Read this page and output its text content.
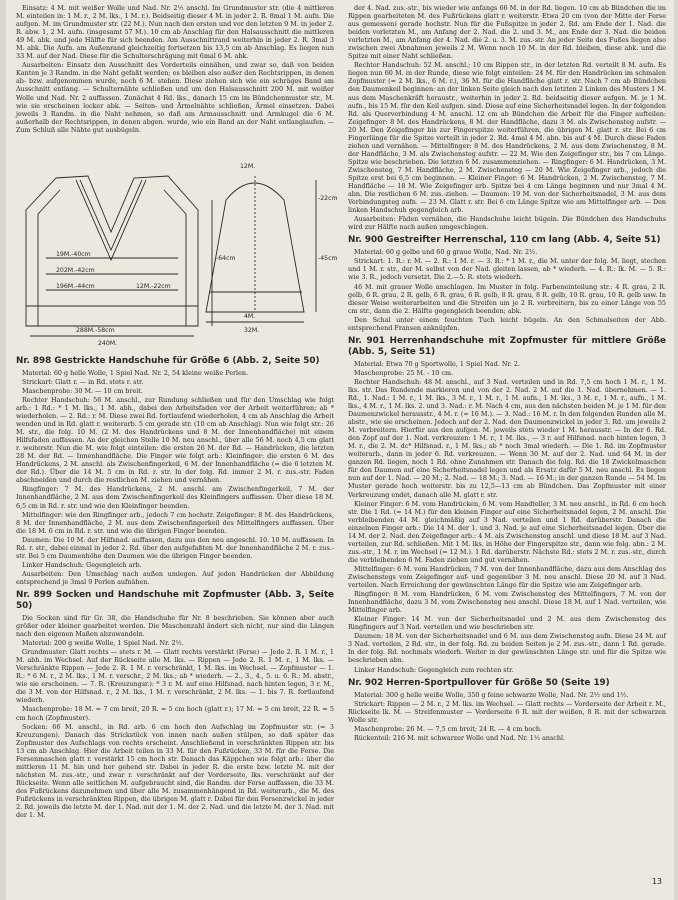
Einsatz: 4 M. mit weißer Wolle und Nad. Nr. 2½ anschl. Im Grundmuster str. (die 4 mittleren M. einteilen in: 1 M. r., 2 M. lks., 1 M. r.). Beidseitig dieser 4 M. in jeder 2. R. 8mal 1 M. aufn. Die aufgen. M. im Grundmuster str. (22 M.). Nun nach den ersten und vor den letzten 9 M. in jeder 2. R. abw. 1, 2 M. aufn. (insgesamt 57 M.). 10 cm ab Anschlag für den Halsausschnitt die mittleren 49 M. abk. und jede Hälfte für sich beenden. Am Ausschnittrand weiterhin in jeder 2. R. 3mal 3 M. abk. Die Aufn. am Außenrand gleichzeitig fortsetzen bis 13,5 cm ab Anschlag. Es liegen nun 33 M. auf der Nad. Diese für die Schulterschrägung mit 6mal 6 M. abk.

Ausarbeiten: Einsatz den Ausschnitt des Vorderteils einnähen, und zwar so, daß von beiden Kanten je 3 Randm. in die Naht gefaßt werden; es bleiben also außer den Rechtsrippen, in denen ab- bzw. aufgenommen wurde, noch 6 M. stehen. Diese ziehen sich wie ein schräges Band am Ausschnitt entlang. — Schulternähte schließen und um den Halsausschnitt 200 M. mit weißer Wolle und Nad. Nr. 2 auffassen. Zunächst 4 Rd. lks., danach 15 cm im Bündchenmuster str., M. wie sie erscheinen locker abk. — Seiten- und Ärmelnähte schließen, Ärmel einsetzen. Dabei jeweils 3 Randm. in die Naht nehmen, so daß am Armausschnitt und Armkugel die 6 M. außerhalb der Rechtsrippen, in denen abgen. wurde, wie ein Band an der Naht entlanglaufen. — Zum Schluß alle Nähte gut ausbügeln.

19M.-40cm
202M.-42cm
196M.-44cm	12M.-22cm
288M.-58cm
240M.
12M.
4M.
32M.
-22cm
-45cm
-64cm

Nr. 898 Gestrickte Handschuhe für Größe 6 (Abb. 2, Seite 50)

Material: 60 g helle Wolle, 1 Spiel Nad. Nr. 2, 54 kleine weiße Perlen.

Strickart: Glatt r. — in Rd. stets r. str.

Maschenprobe: 30 M. — 10 cm breit.

Rechter Handschuh: 56 M. anschl., zur Rundung schließen und für den Umschlag wie folgt arb.: 1 Rd.: * 1 M. lks., 1 M. abh., dabei den Arbeitsfaden vor der Arbeit weiterführen; ab * wiederholen. — 2. Rd.: r. M. Diese zwei Rd. fortlaufend wiederholen, 4 cm ab Anschlag die Arbeit wenden und in Rd. glatt r. weiterarb. 5 cm gerade str. (10 cm ab Anschlag). Nun wie folgt str.: 26 M. str., die folg. 10 M. (2 M. des Handrückens und 8 M. der Innenhandfläche) mit einem Hilfsfaden auffassen. An der gleichen Stelle 10 M. neu anschl., über alle 56 M. noch 4,5 cm glatt r. weiterstr. Nun die M. wie folgt einteilen: die ersten 26 M. der Rd. — Handrücken, die letzten 28 M. der Rd. — Innenhandfläche. Die Finger wie folgt arb.: Kleinfinger: die ersten 6 M. des Handrückens, 2 M. anschl. als Zwischenfingerkeil, 6 M. der Innenhandfläche (= die 6 letzten M. der Rd.). Über die 14 M. 5 cm in Rd. r. str. In der folg. Rd. immer 2 M. r. zus.-str. Faden abschneiden und durch die restlichen M. ziehen und vernähen.

Ringfinger: 7 M. des Handrückens, 2 M. anschl. am Zwischenfingerkeil, 7 M. der Innenhandfläche, 2 M. aus dem Zwischenfingerkeil des Kleinfingers auffassen. Über diese 18 M. 6,5 cm in Rd. r. str. und wie den Kleinfinger beenden.

Mittelfinger: wie den Ringfinger arb., jedoch 7 cm hochstr. Zeigefinger: 8 M. des Handrückens, 8 M. der Innenhandfläche, 2 M. aus dem Zwischenfingerkeil des Mittelfingers auffassen. Über die 18 M. 6 cm in Rd. r. str. und wie die übrigen Finger beenden.

Daumen: Die 10 M. der Hilfsnad. auffassen, dazu aus den neu angeschl. 10. 10 M. auffassen. In Rd. r. str., dabei einmal in jeder 2. Rd. über den aufgefaßten M. der Innenhandfläche 2 M. r. zus.-str. Bei 5 cm Daumenhöhe den Daumen wie die übrigen Finger beenden.

Linker Handschuh: Gegengleich arb.

Ausarbeiten: Den Umschlag nach außen umlegen. Auf jeden Handrücken der Abbildung entsprechend je 3mal 9 Perlen aufnähen.

Nr. 899 Socken und Handschuhe mit Zopfmuster (Abb. 3, Seite 50)

Die Socken sind für Gr. 38, die Handschuhe für Nr. 8 beschrieben. Sie können aber auch größer oder kleiner gearbeitet werden. Die Maschenzahl ändert sich nicht, nur sind die Längen nach den eigenen Maßen abzuwandeln.

Material: 200 g weiße Wolle, 1 Spiel Nad. Nr. 2½.

Grundmuster: Glatt rechts — stets r. M. — Glatt rechts verstärkt (Ferse) — Jede 2. R. 1 M. r., 1 M. abh. im Wechsel. Auf der Rückseite alle M. lks. — Rippen — Jede 2. R. 1 M. r., 1 M. lks. — Verschränkte Rippen — Jede 2. R. 1 M. r. verschränkt, 1 M. lks. im Wechsel. — Zopfmuster — 1. R.: * 6 M. r., 2 M. lks., 1 M. r. verschr., 2 M. lks.; ab * wiederh. — 2., 3., 4., 5. u. 6. R.: M. abstr., wie sie erscheinen. — 7. R. (Kreuzungsr.): * 3 r. M. auf eine Hilfsnad. nach hinten legen, 3 r. M., die 3 M. von der Hilfsnad. r., 2 M. lks., 1 M. r. verschränkt, 2 M. lks. — 1. bis 7. R. fortlaufend wiederh.

Maschenprobe: 18 M. = 7 cm breit, 20 R. = 5 cm hoch (glatt r.); 17 M. = 5 cm breit, 22 R. = 5 cm hoch (Zopfmuster).

Socken: 66 M. anschl., in Rd. arb. 6 cm hoch den Aufschlag im Zopfmuster str. (= 3 Kreuzungen). Danach das Strickstück von innen nach außen stülpen, so daß später das Zopfmuster des Aufschlags von rechts erscheint. Anschließend in verschränkten Rippen str. bis 13 cm ab Anschlag. Hier die Arbeit teilen in 33 M. für den Fußrücken, 33 M. für die Ferse. Die Fersenmaschen glatt r. verstärkt 15 cm hoch str. Danach das Käppchen wie folgt arb.: über die mittleren 11 M. hin und her gehend str. Dabei in jeder R. die erste bzw. letzte M. mit der nächsten M. zus.-str., und zwar r. verschränkt auf der Vorderseite, lks. verschränkt auf der Rückseite. Wenn alle seitlichen M. aufgebraucht sind, die Randm. der Ferse auffassen, die 33 M. des Fußrückens dazunehmen und über alle M. zusammenhängend in Rd. weiterarb., die M. des Fußrückens in verschränkten Rippen, die übrigen M. glatt r. Dabei für den Fersenzwickel in jeder 2. Rd. jeweils die letzte M. der 1. Nad. mit der 1. M. der 2. Nad. und die letzte M. der 3. Nad. mit der 1. M.

der 4. Nad. zus.-str., bis wieder wie anfangs 66 M. in der Rd. liegen. 10 cm ab Bündchen die im Rippen gearbeiteten M. des Fußrückens glatt r. weiterstr. Etwa 20 cm (von der Mitte der Ferse aus gemessen) gerade hochstr. Nun für die Fußspitze in jeder 2. Rd. am Ende der 1. Nad. die beiden vorletzten M., am Anfang der 2. Nad. die 2. und 3. M., am Ende der 3. Nad. die beiden vorletzten M., am Anfang der 4. Nad. die 2. u. 3. M. zus.-str. An jeder Seite des Fußes liegen also zwischen zwei Abnahmen jeweils 2 M. Wenn noch 10 M. in der Rd. bleiben, diese abk. und die Spitze mit einer Naht schließen.

Rechter Handschuh: 52 M. anschl.; 10 cm Rippen str., in der letzten Rd. verteilt 8 M. aufn. Es liegen nun 60 M. in der Runde, diese wie folgt einteilen: 24 M. für den Handrücken im schmalen Zopfmuster (= 2 M. lks., 6 M. r.), 36 M. für die Handfläche glatt r. str. Nach 7 cm ab Bündchen den Daumenkeil beginnen: an der linken Seite gleich nach den letzten 2 Linken des Musters 1 M. aus dem Maschenkräft heraustr., weiterhin in jeder 2. Rd. beidseitig dieser aufgen. M. je 1 M. aufn., bis 15 M. für den Keil aufgen. sind. Diese auf eine Sicherheitsnadel legen. In der folgenden Rd. als Querverbindung 4 M. anschl. 12 cm ab Bündchen die Arbeit für die Finger aufteilen: Zeigefinger: 8 M. des Handrückens, 8 M. der Handfläche, dazu 3 M. als Zwischensteg aufstr. — 20 M. Den Zeigefinger bis zur Fingerspitze weiterführen, die übrigen M. glatt r. str. Bei 6 cm Fingerlänge für die Spitze verteilt in jeder 2. Rd. 4mal 4 M. abn. bis auf 4 M. Durch diese Faden ziehen und vernähen. — Mittelfinger: 8 M. des Handrückens, 2 M. aus dem Zwischensteg, 8 M. der Handfläche, 3 M. als Zwischensteg aufstr. — 22 M. Wie den Zeigefinger str., bis 7 cm Länge. Spitze wie beschrieben. Die letzten 6 M. zusammenziehen. — Ringfinger: 6 M. Handrücken, 3 M. Zwischensteg, 7 M. Handfläche, 2 M. Zwischensteg — 20 M. Wie Zeigefinger arb., jedoch die Spitze erst bei 6,5 cm beginnen. — Kleiner Finger: 6 M. Handrücken, 2 M. Zwischensteg, 7 M. Handfläche — 18 M. Wie Zeigefinger arb. Spitze bei 4 cm Länge beginnen und nur 3mal 4 M. abn. Die restlichen 6 M. zus.-ziehen. — Daumen: 19 M. von der Sicherheitsnadel, 3 M. aus dem Verbindungsteg aufn. — 23 M. Glatt r. str. Bei 6 cm Länge Spitze wie am Mittelfinger arb. — Den linken Handschuh gegengleich arb.

Ausarbeiten: Fäden vernähen, die Handschuhe leicht bügeln. Die Bündchen des Handschuhs wird zur Hälfte nach außen umgeschlagen.

Nr. 900 Gestreifter Herrenschal, 110 cm lang (Abb. 4, Seite 51)

Material: 60 g gelbe und 60 g graue Wolle, Nad. Nr. 2½.

Strickart: 1. R.: r. M. — 2. R.: 1 M. r. — 3. R.: * 1 M. r., die M. unter der folg. M. liegt, stechen und 1 M. r. str., der M. selbst von der Nad. gleiten lassen, ab * wiederh. — 4. R.: lk. M. — 5. R.: wie 3. R., jedoch versetzt. Die 2.—5. R. stets wiederh.

46 M. mit grauer Wolle anschlagen. Im Muster in folg. Farbeneinteilung str.: 4 R. grau, 2 R. gelb, 6 R. grau, 2 R. gelb, 6 R. grau, 6 R. gelb, 8 R. grau, 8 R. gelb, 10 R. grau, 10 R. gelb usw. In dieser Weise weiterarbeiten und die Streifen um je 2 R. verbreitern, bis zu einer Länge von 55 cm str., dann die 2. Hälfte gegengleich beenden; abk.

Den Schal unter einem feuchten Tuch leicht bügeln. An den Schmalseiten der Abb. entsprechend Fransen anknüpfen.

Nr. 901 Herrenhandschuhe mit Zopfmuster für mittlere Größe (Abb. 5, Seite 51)

Material: Etwa 70 g Sportwolle, 1 Spiel Nad. Nr. 2.

Maschenprobe: 25 M. - 10 cm.

Rechter Handschuh: 48 M. anschl., auf 3 Nad. verteilen und in Rd. 7,5 cm hoch 1 M. r., 1 M. lks. str. Das Rundende markieren und von der 2. Nad. 2 M. auf die 1. Nad. übernehmen. — 1. Rd., 1. Nad.: 1 M. r., 1 M. lks., 3 M. r., 1 M. r., 1 M. aufn., 1 M. lks., 3 M. r., 1 M. r., aufn., 1 M. lks., 4 M. r., 1 M. lks. 2. und 3. Nad.: r. M. Nach 4 cm, aus den nächsten beiden M. je 1 M. für den Daumenzwickel herausstr., 4 M. r. (= 16 M.). — 3. Nad.: 16 M. r. In den folgenden Runden alle M. abstr., wie sie erscheinen. Jedoch auf der 2. Nad. den Daumenzwickel in jeder 3. Rd. um jeweils 2 M. verbreitern. Hierfür aus den aufgen. M. jeweils stets wieder 1 M. herausstr. — In der 6. Rd. den Zopf auf der 1. Nad. verkreuzen: 1 M. r., 1 M. lks., — 3 r. auf Hilfsnad. nach hinten legen, 3 M. r., die 2. M. dc* Hilfsnad. r., 1 M. lks.; ab * noch 3mal wiederh. — Die 1. Rd. im Zopfmuster weiterarb., dann in jeder 6. Rd. verkreuzen. — Wenn 30 M. auf der 2. Nad. und 64 M. in der ganzen Rd. liegen, noch 1 Rd. ohne Zunahmen str. Danach die folg. Rd. die 18 Zwickelmaschen für den Daumen auf eine Sicherheitsnadel legen und als Ersatz dafür 5 M. neu anschl. Es liegen nun auf der 1. Nad. — 20 M.; 2. Nad. — 18 M.; 3. Nad. — 16 M.; in der ganzen Runde — 54 M. Im Muster gerade hoch weiterstr. bis zu 12,5—13 cm ab Bündchen. Das Zopfmuster mit einer Verkreuzung endet, danach alle M. glatt r. str.

Kleiner Finger: 6 M. vom Handrücken, 6 M. vom Handteller, 3 M. neu anschl., in Rd. 6 cm hoch str. Die 1 Rd. (= 14 M.) für den kleinen Finger auf eine Sicherheitsnadel legen, 2 M. anschl. Die verbleibenden 44 M. gleichmäßig auf 3 Nad. verteilen und 1 Rd. darüberstr. Danach die einzelnen Finger arb.: Die 14 M. der 1. und 3. Nad. je auf eine Sicherheitsnadel legen. Über die 14 M. der 2. Nad. den Zeigefinger arb.: 4 M. als Zwischensteg anschl. und diese 18 M. auf 3 Nad. verteilen, zur Rd. schließen. Mit 1 M. lks. in Höhe der Fingerspitze str., dann wie folg. abn.: 2 M. zus.-str., 1 M. r. im Wechsel (= 12 M.). 1 Rd. darüberstr. Nächste Rd.: stets 2 M. r. zus.-str., durch die verbleibenden 6 M. Faden ziehen und gut vernähen.

Mittelfinger: 6 M. vom Handrücken, 7 M. von der Innenhandfläche, dazu aus dem Anschlag des Zwischenstegs vom Zeigefinger auf- und gegenüber 3 M. neu anschl. Diese 20 M. auf 3 Nad. verteilen. Nach Erreichung der gewünschten Länge für die Spitze wie am Zeigefinger arb.

Ringfinger: 8 M. vom Handrücken, 6 M. vom Zwischensteg des Mittelfingers, 7 M. von der Innenhandfläche, dazu 3 M. vom Zwischensteg neu anschl. Diese 18 M. auf 1 Nad. verteilen, wie Mittelfinger arb.

Kleiner Finger: 14 M. von der Sicherheitsnadel und 2 M. aus dem Zwischensteg des Ringfingers auf 3 Nad. verteilen und wie beschrieben str.

Daumen: 18 M. von der Sicherheitsnadel und 6 M. aus dem Zwischensteg aufn. Diese 24 M. auf 3 Nad. verteilen, 2 Rd. str., in der folg. Rd. zu beiden Seiten je 2 M. zus.-str., dann 1 Rd. gerade. In der folg. Rd. nochmals wiederh. Weiter in der gewünschten Länge str. und für die Spitze wie beschrieben abn.

Linker Handschuh: Gegengleich zum rechten str.

Nr. 902 Herren-Sportpullover für Größe 50 (Seite 19)

Material: 300 g helle weiße Wolle, 350 g feine schwarze Wolle, Nad. Nr. 2½ und 1½.

Strickart: Rippen — 2 M. r., 2 M. lks. im Wechsel. — Glatt rechts — Vorderseite der Arbeit r. M., Rückseite lk. M. — Streifenmuster — Vorderseite 6 R. mit der weißen, 8 R. mit der schwarzen Wolle str.

Maschenprobe: 26 M. — 7,5 cm breit; 24 R. — 4 cm hoch.

Rückenteil: 216 M. mit schwarzer Wolle und Nad. Nr. 1½ anschl.

13
